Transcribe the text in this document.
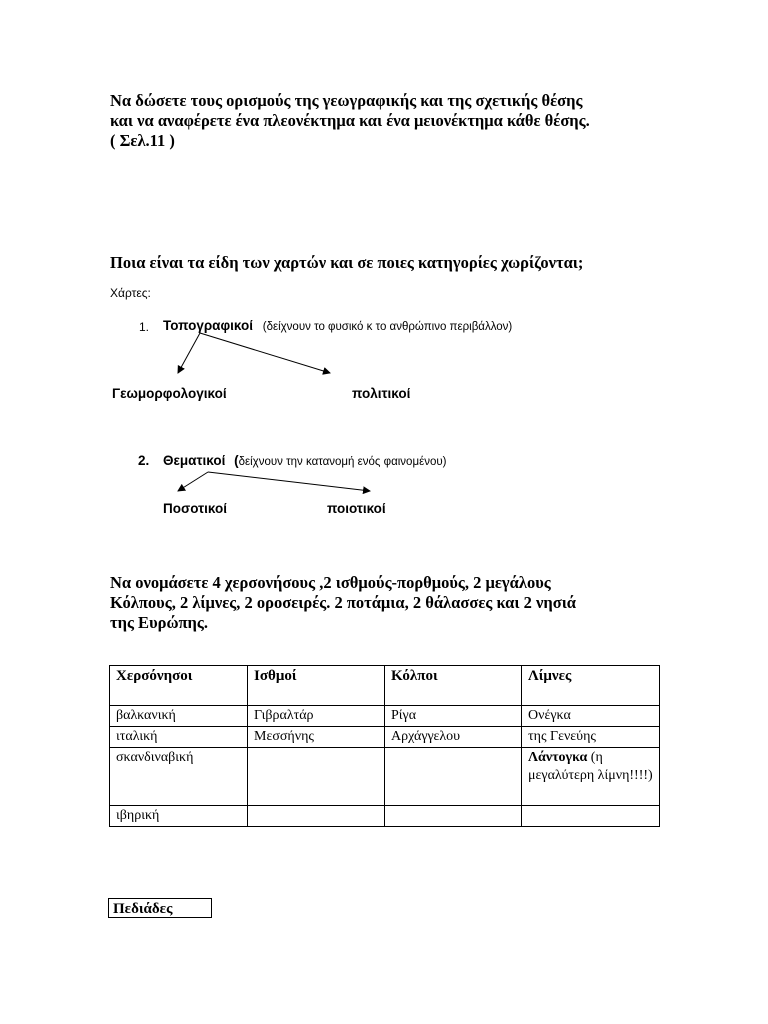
Να δώσετε τους ορισμούς της γεωγραφικής και της σχετικής θέσης

και να αναφέρετε ένα πλεονέκτημα και ένα μειονέκτημα κάθε θέσης.

( Σελ.11 )

Ποια είναι τα είδη των χαρτών και σε ποιες κατηγορίες χωρίζονται;

Χάρτες:

1. Τοπογραφικοί (δείχνουν το φυσικό κ το ανθρώπινο περιβάλλον)

Γεωμορφολογικοί	πολιτικοί

2. Θεματικοί (δείχνουν την κατανομή ενός φαινομένου)

Ποσοτικοί	ποιοτικοί

Να ονομάσετε 4 χερσονήσους ,2 ισθμούς-πορθμούς, 2 μεγάλους

Κόλπους, 2 λίμνες, 2 οροσειρές. 2 ποτάμια, 2 θάλασσες και 2 νησιά

της Ευρώπης.

Χερσόνησοι	Ισθμοί	Κόλποι	Λίμνες
βαλκανική	Γιβραλτάρ	Ρίγα	Ονέγκα
ιταλική	Μεσσήνης	Αρχάγγελου	της Γενεύης
σκανδιναβική			Λάντογκα (η μεγαλύτερη λίμνη!!!!)
ιβηρική			
Πεδιάδες
